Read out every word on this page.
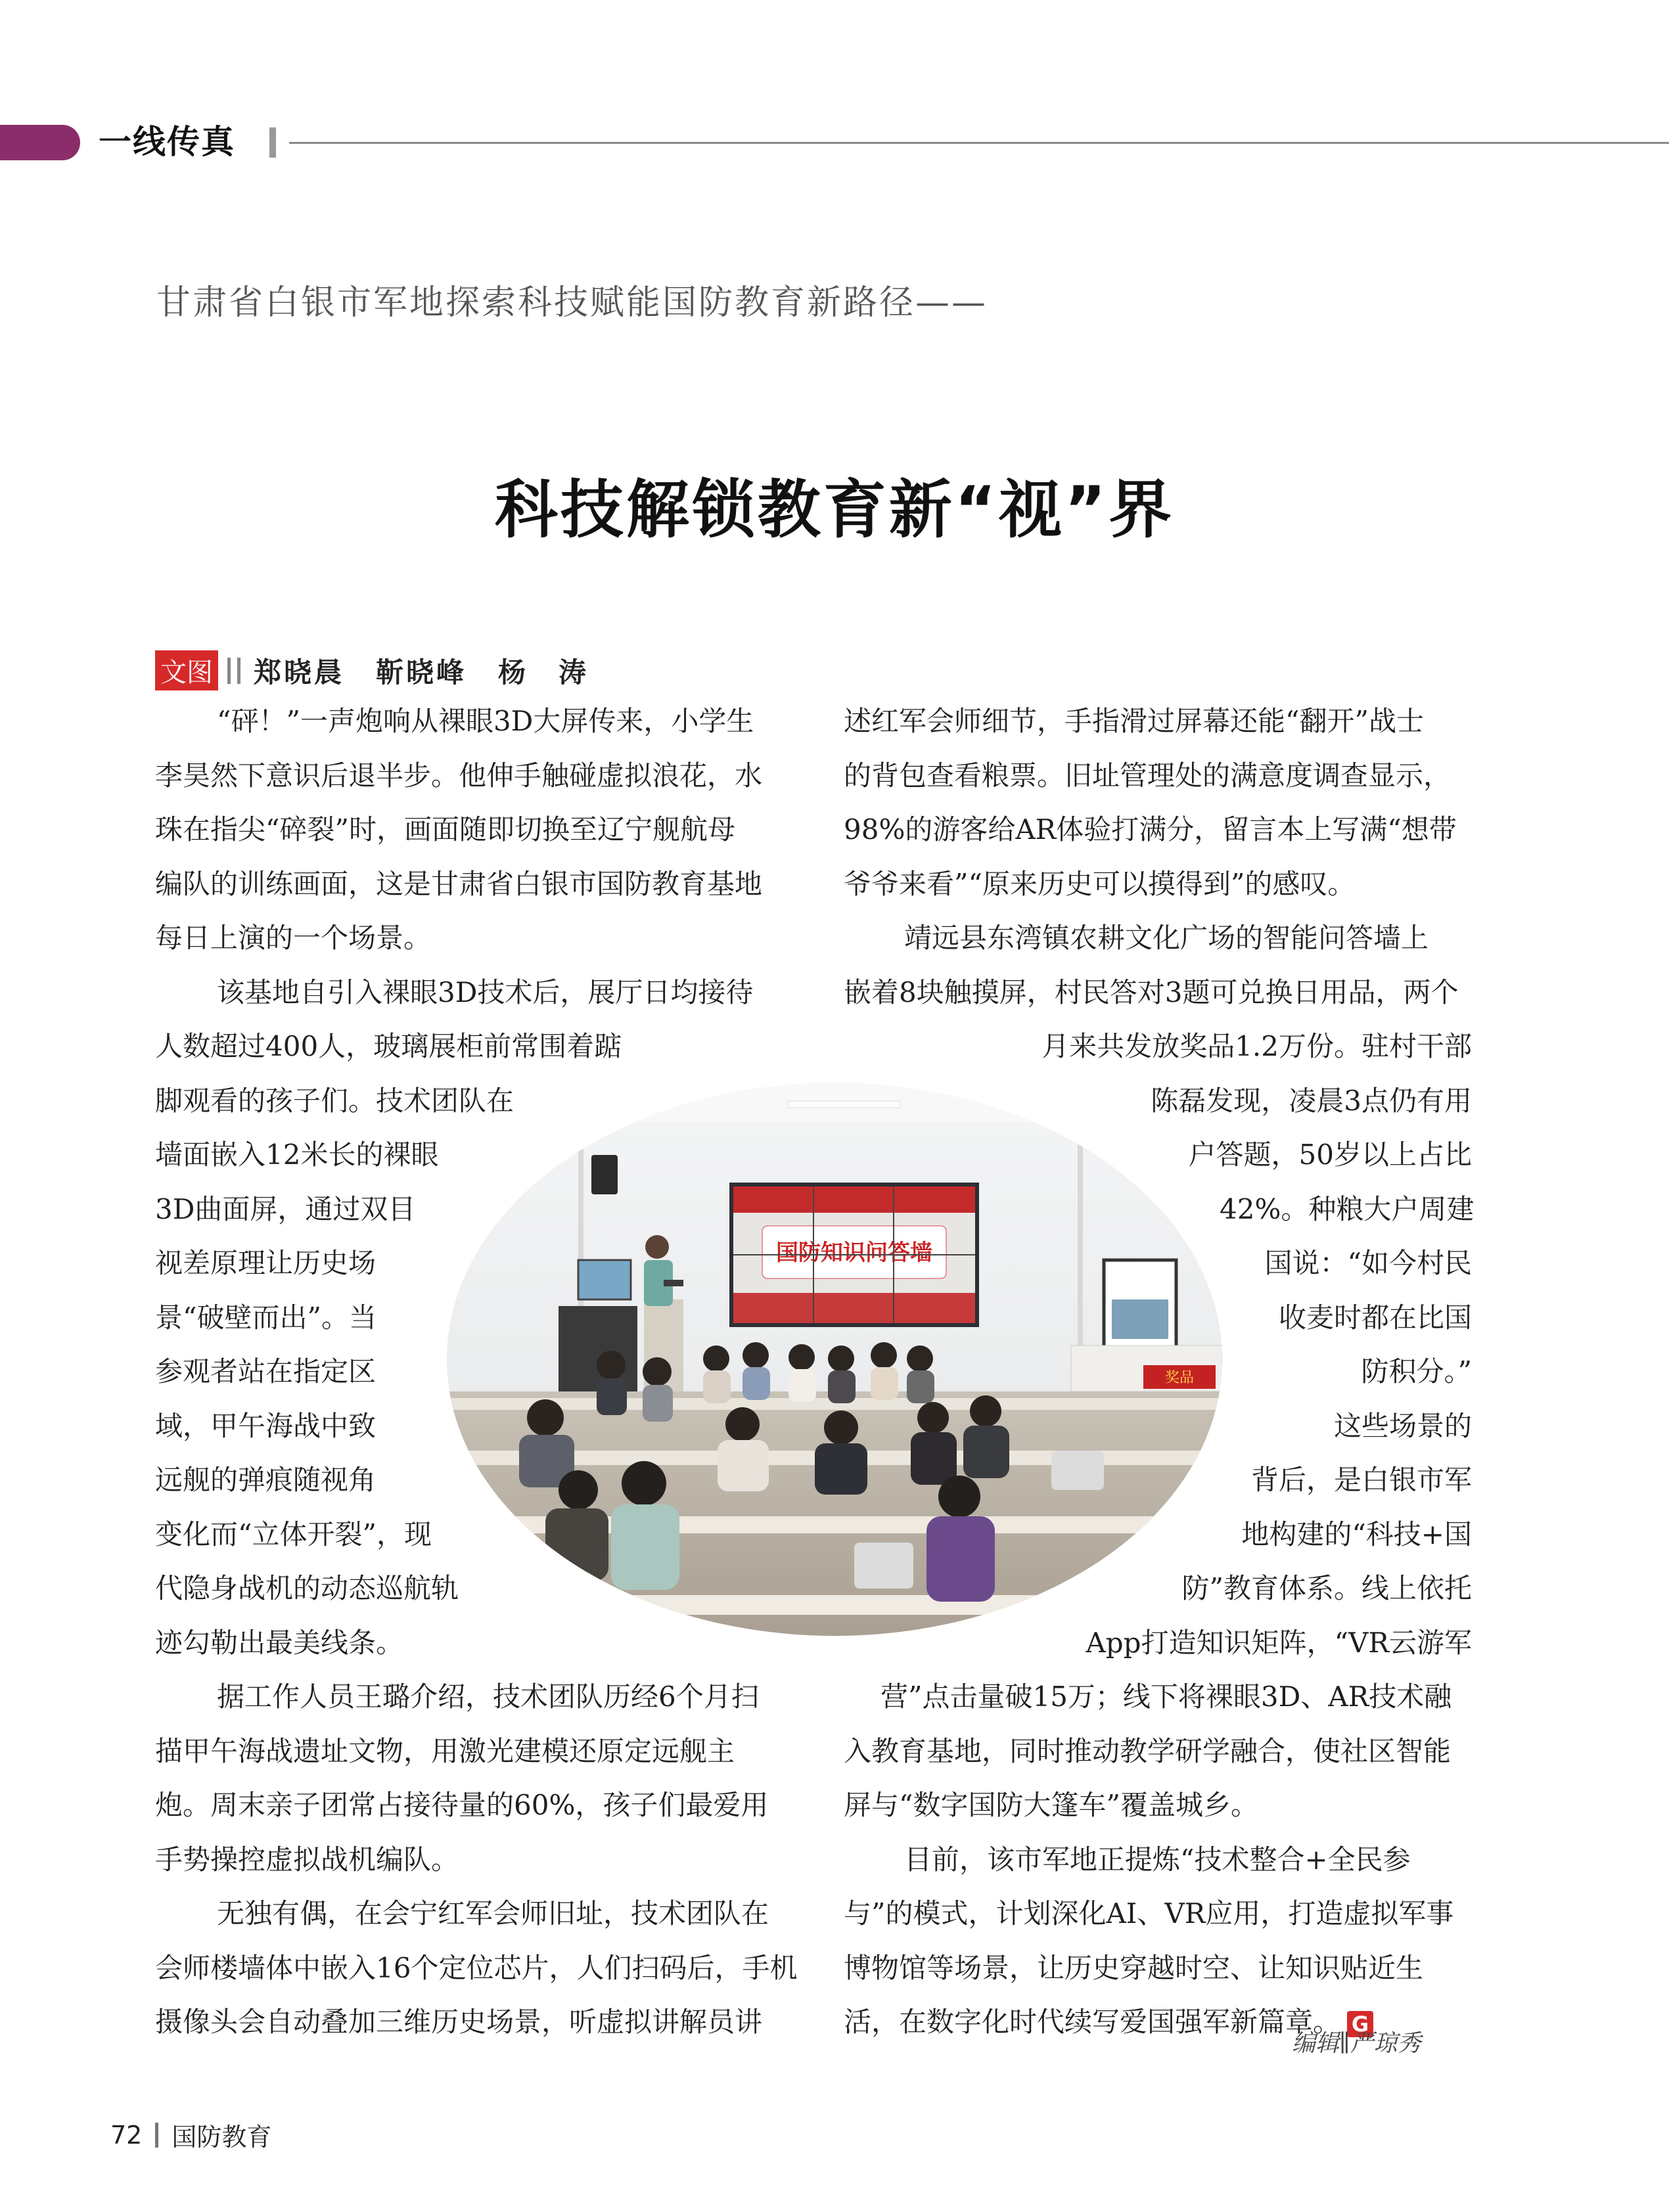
一线传真
甘肃省白银市军地探索科技赋能国防教育新路径——
科技解锁教育新“视”界
文图 郑晓晨 靳晓峰 杨　涛
“砰！”一声炮响从裸眼3D大屏传来，小学生
李昊然下意识后退半步。他伸手触碰虚拟浪花，水
珠在指尖“碎裂”时，画面随即切换至辽宁舰航母
编队的训练画面，这是甘肃省白银市国防教育基地
每日上演的一个场景。
该基地自引入裸眼3D技术后，展厅日均接待
人数超过400人，玻璃展柜前常围着踮
脚观看的孩子们。技术团队在
墙面嵌入12米长的裸眼
3D曲面屏，通过双目
视差原理让历史场
景“破壁而出”。当
参观者站在指定区
域，甲午海战中致
远舰的弹痕随视角
变化而“立体开裂”，现
代隐身战机的动态巡航轨
迹勾勒出最美线条。
据工作人员王璐介绍，技术团队历经6个月扫
描甲午海战遗址文物，用激光建模还原定远舰主
炮。周末亲子团常占接待量的60%，孩子们最爱用
手势操控虚拟战机编队。
无独有偶，在会宁红军会师旧址，技术团队在
会师楼墙体中嵌入16个定位芯片，人们扫码后，手机
摄像头会自动叠加三维历史场景，听虚拟讲解员讲
述红军会师细节，手指滑过屏幕还能“翻开”战士
的背包查看粮票。旧址管理处的满意度调查显示，
98%的游客给AR体验打满分，留言本上写满“想带
爷爷来看”“原来历史可以摸得到”的感叹。
靖远县东湾镇农耕文化广场的智能问答墙上
嵌着8块触摸屏，村民答对3题可兑换日用品，两个
月来共发放奖品1.2万份。驻村干部
陈磊发现，凌晨3点仍有用
户答题，50岁以上占比
42%。种粮大户周建
国说：“如今村民
收麦时都在比国
防积分。”
这些场景的
背后，是白银市军
地构建的“科技+国
防”教育体系。线上依托
App打造知识矩阵，“VR云游军
营”点击量破15万；线下将裸眼3D、AR技术融
入教育基地，同时推动教学研学融合，使社区智能
屏与“数字国防大篷车”覆盖城乡。
目前，该市军地正提炼“技术整合+全民参
与”的模式，计划深化AI、VR应用，打造虚拟军事
博物馆等场景，让历史穿越时空、让知识贴近生
活，在数字化时代续写爱国强军新篇章。 G
国防知识问答墙
奖品
编辑∥严琼秀
72 国防教育
